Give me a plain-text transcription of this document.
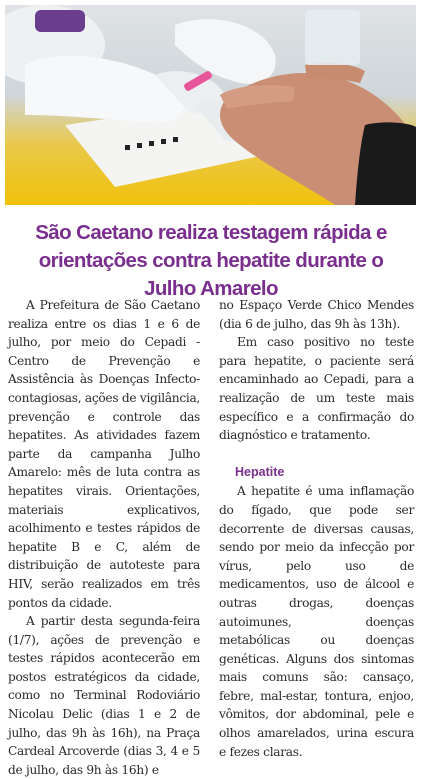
São Caetano realiza testagem rápida e orientações contra hepatite durante o Julho Amarelo

A Prefeitura de São Caetano realiza entre os dias 1 e 6 de julho, por meio do Cepadi - Centro de Prevenção e Assistência às Doenças Infecto-contagiosas, ações de vigilância, prevenção e controle das hepatites. As atividades fazem parte da campanha Julho Amarelo: mês de luta contra as hepatites virais. Orientações, materiais explicativos, acolhimento e testes rápidos de hepatite B e C, além de distribuição de autoteste para HIV, serão realizados em três pontos da cidade.

A partir desta segunda-feira (1/7), ações de prevenção e testes rápidos acontecerão em postos estratégicos da cidade, como no Terminal Rodoviário Nicolau Delic (dias 1 e 2 de julho, das 9h às 16h), na Praça Cardeal Arcoverde (dias 3, 4 e 5 de julho, das 9h às 16h) e

no Espaço Verde Chico Mendes (dia 6 de julho, das 9h às 13h).

Em caso positivo no teste para hepatite, o paciente será encaminhado ao Cepadi, para a realização de um teste mais específico e a confirmação do diagnóstico e tratamento.

Hepatite

A hepatite é uma inflamação do fígado, que pode ser decorrente de diversas causas, sendo por meio da infecção por vírus, pelo uso de medicamentos, uso de álcool e outras drogas, doenças autoimunes, doenças metabólicas ou doenças genéticas. Alguns dos sintomas mais comuns são: cansaço, febre, mal-estar, tontura, enjoo, vômitos, dor abdominal, pele e olhos amarelados, urina escura e fezes claras.
